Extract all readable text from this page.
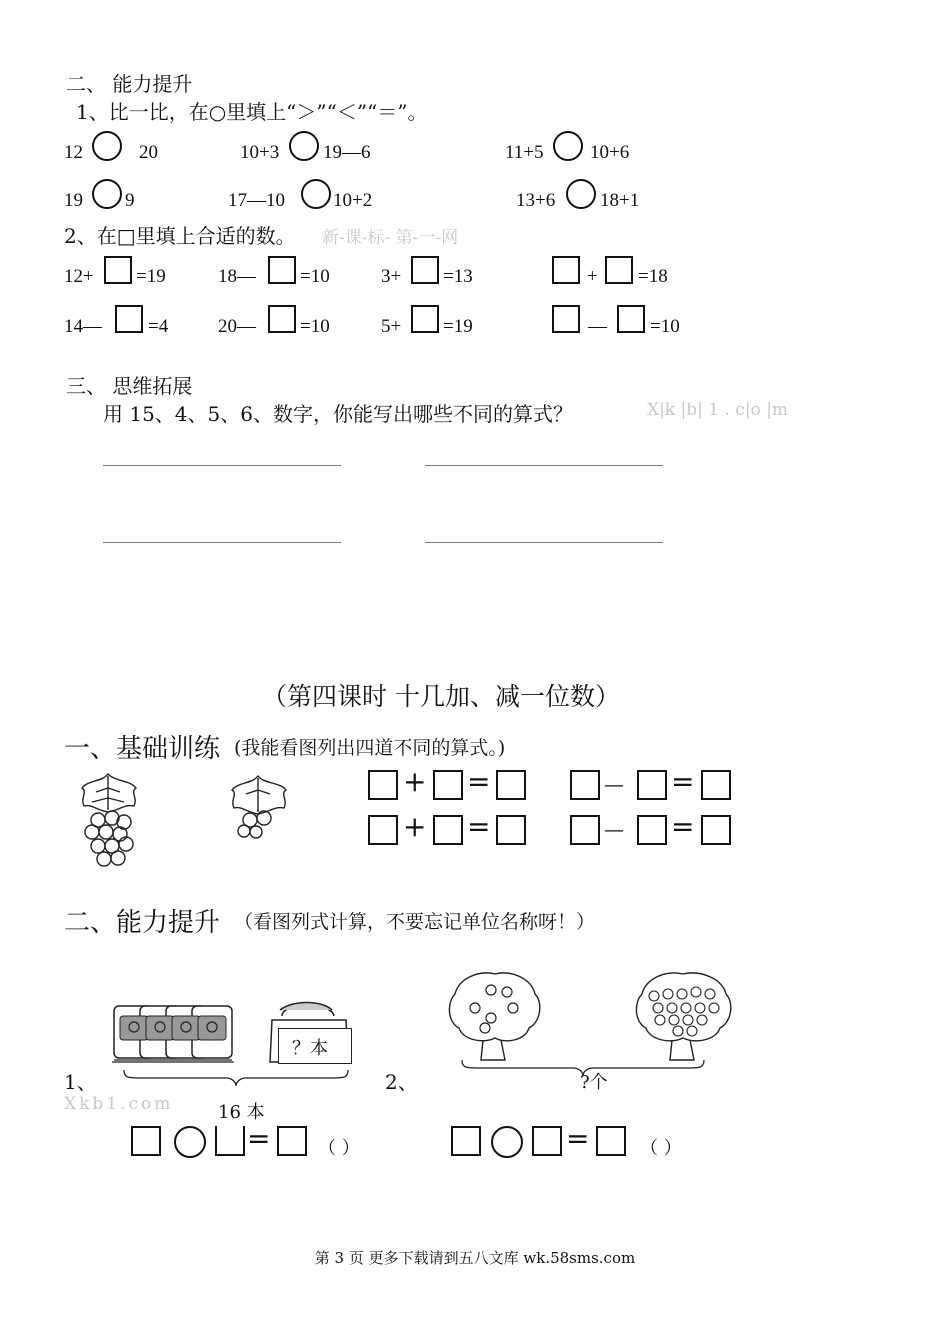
二、 能力提升
1、比一比，在○里填上“＞”“＜”“＝”。
12	20	10+3 19—6	11+5 10+6
19 9	17—10	10+2	13+6 18+1
2、在□里填上合适的数。 新-课-标- 第-一-网
12+ =19	18— =10	3+ =13	+ =18
14— =4	20— =10	5+ =19	— =10
三、 思维拓展
用 15、4、5、6、数字，你能写出哪些不同的算式？	X|k |b| 1 . c|o |m
（第四课时 十几加、减一位数）
一、基础训练 (我能看图列出四道不同的算式。)
+ =	— =
+ =	— =
二、能力提升 （看图列式计算，不要忘记单位名称呀！）
1、
？本
Xkb1.com 16 本
2、	?个
=	（ ）	=	（ ）
第 3 页 更多下载请到五八文库 wk.58sms.com
